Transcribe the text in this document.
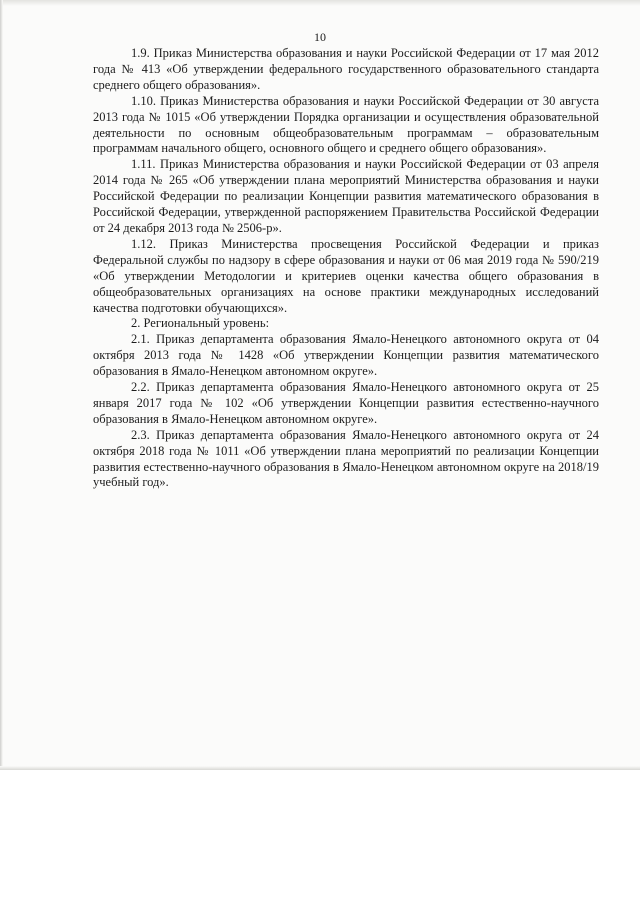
10

1.9. Приказ Министерства образования и науки Российской Федерации от 17 мая 2012 года № 413 «Об утверждении федерального государственного образовательного стандарта среднего общего образования».

1.10. Приказ Министерства образования и науки Российской Федерации от 30 августа 2013 года № 1015 «Об утверждении Порядка организации и осуществления образовательной деятельности по основным общеобразовательным программам – образовательным программам начального общего, основного общего и среднего общего образования».

1.11. Приказ Министерства образования и науки Российской Федерации от 03 апреля 2014 года № 265 «Об утверждении плана мероприятий Министерства образования и науки Российской Федерации по реализации Концепции развития математического образования в Российской Федерации, утвержденной распоряжением Правительства Российской Федерации от 24 декабря 2013 года № 2506-р».

1.12. Приказ Министерства просвещения Российской Федерации и приказ Федеральной службы по надзору в сфере образования и науки от 06 мая 2019 года № 590/219 «Об утверждении Методологии и критериев оценки качества общего образования в общеобразовательных организациях на основе практики международных исследований качества подготовки обучающихся».

2. Региональный уровень:

2.1. Приказ департамента образования Ямало-Ненецкого автономного округа от 04 октября 2013 года № 1428 «Об утверждении Концепции развития математического образования в Ямало-Ненецком автономном округе».

2.2. Приказ департамента образования Ямало-Ненецкого автономного округа от 25 января 2017 года № 102 «Об утверждении Концепции развития естественно-научного образования в Ямало-Ненецком автономном округе».

2.3. Приказ департамента образования Ямало-Ненецкого автономного округа от 24 октября 2018 года № 1011 «Об утверждении плана мероприятий по реализации Концепции развития естественно-научного образования в Ямало-Ненецком автономном округе на 2018/19 учебный год».
